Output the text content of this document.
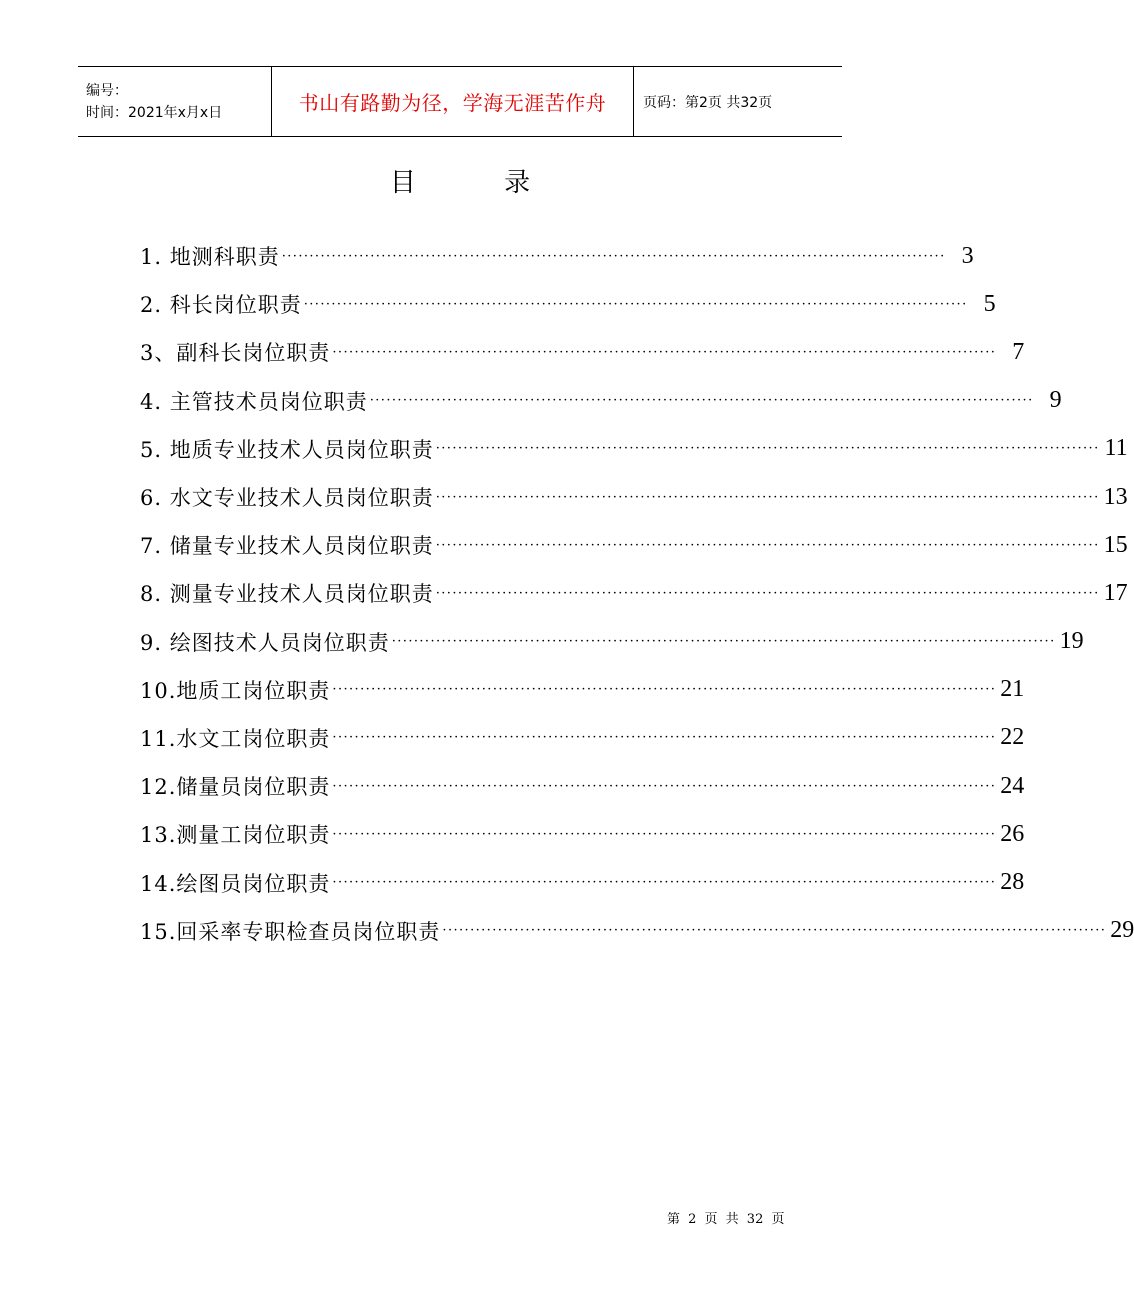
编号：
时间：2021年x月x日	书山有路勤为径，学海无涯苦作舟	页码：第2页 共32页
目 录
1. 地测科职责 ························································································································ 3
2. 科长岗位职责 ························································································································ 5
3、副科长岗位职责 ························································································································ 7
4. 主管技术员岗位职责 ························································································································ 9
5. 地质专业技术人员岗位职责 ························································································································ 11
6. 水文专业技术人员岗位职责 ························································································································ 13
7. 储量专业技术人员岗位职责 ························································································································ 15
8. 测量专业技术人员岗位职责 ························································································································ 17
9. 绘图技术人员岗位职责 ························································································································ 19
10.地质工岗位职责 ························································································································ 21
11.水文工岗位职责 ························································································································ 22
12.储量员岗位职责 ························································································································ 24
13.测量工岗位职责 ························································································································ 26
14.绘图员岗位职责 ························································································································ 28
15.回采率专职检查员岗位职责 ························································································································ 29
第 2 页 共 32 页
